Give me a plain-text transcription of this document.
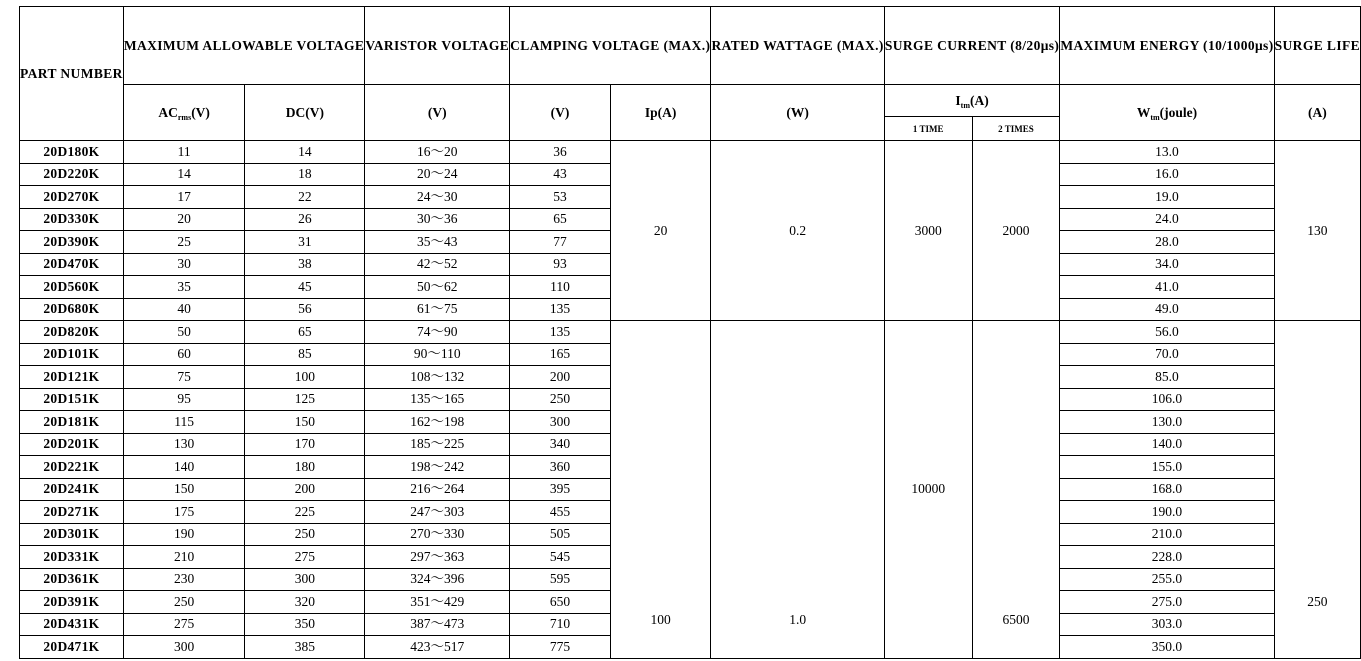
PART NUMBER	MAXIMUM ALLOWABLE VOLTAGE		VARISTOR VOLTAGE	CLAMPING VOLTAGE (MAX.)		RATED WATTAGE (MAX.)	SURGE CURRENT (8/20μs)		MAXIMUM ENERGY (10/1000μs)	SURGE LIFE
	$AC_{rms}(V)$	DC(V)	(V)	(V)	Ip(A)	(W)	$I_{tm}(A)$		$W_{tm}(joule)$	(A)
							1 TIME	2 TIMES		
20D180K	11	14	16～20	36	20	0.2	3000	2000	13.0	130
20D220K	14	18	20～24	43					16.0	
20D270K	17	22	24～30	53					19.0	
20D330K	20	26	30～36	65					24.0	
20D390K	25	31	35～43	77					28.0	
20D470K	30	38	42～52	93					34.0	
20D560K	35	45	50～62	110					41.0	
20D680K	40	56	61～75	135					49.0	
20D820K	50	65	74～90	135	100	1.0	10000	6500	56.0	250
20D101K	60	85	90～110	165					70.0	
20D121K	75	100	108～132	200					85.0	
20D151K	95	125	135～165	250					106.0	
20D181K	115	150	162～198	300					130.0	
20D201K	130	170	185～225	340					140.0	
20D221K	140	180	198～242	360					155.0	
20D241K	150	200	216～264	395					168.0	
20D271K	175	225	247～303	455					190.0	
20D301K	190	250	270～330	505					210.0	
20D331K	210	275	297～363	545					228.0	
20D361K	230	300	324～396	595					255.0	
20D391K	250	320	351～429	650					275.0	
20D431K	275	350	387～473	710					303.0	
20D471K	300	385	423～517	775					350.0	
